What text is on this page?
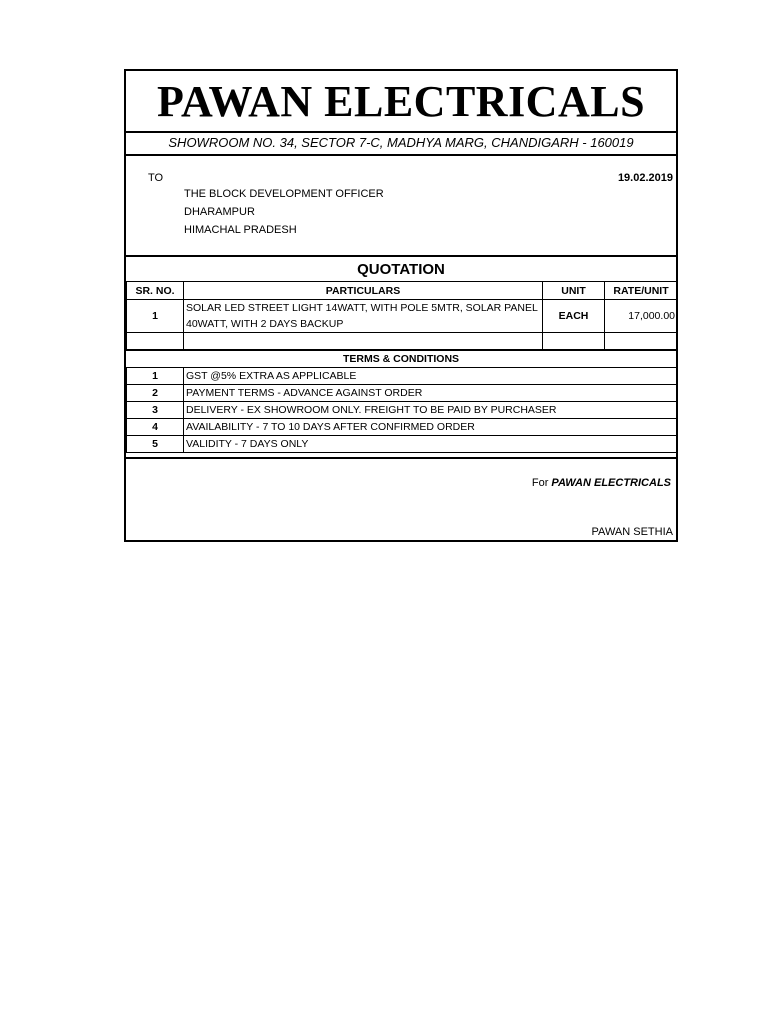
PAWAN ELECTRICALS
SHOWROOM NO. 34, SECTOR 7-C, MADHYA MARG, CHANDIGARH - 160019
TO	19.02.2019
THE BLOCK DEVELOPMENT OFFICER
DHARAMPUR
HIMACHAL PRADESH
QUOTATION
SR. NO.	PARTICULARS	UNIT	RATE/UNIT
1	SOLAR LED STREET LIGHT 14WATT, WITH POLE 5MTR, SOLAR PANEL
40WATT, WITH 2 DAYS BACKUP	EACH	17,000.00

TERMS & CONDITIONS
1	GST @5% EXTRA AS APPLICABLE
2	PAYMENT TERMS - ADVANCE AGAINST ORDER
3	DELIVERY - EX SHOWROOM ONLY. FREIGHT TO BE PAID BY PURCHASER
4	AVAILABILITY - 7 TO 10 DAYS AFTER CONFIRMED ORDER
5	VALIDITY - 7 DAYS ONLY
For PAWAN ELECTRICALS
PAWAN SETHIA
